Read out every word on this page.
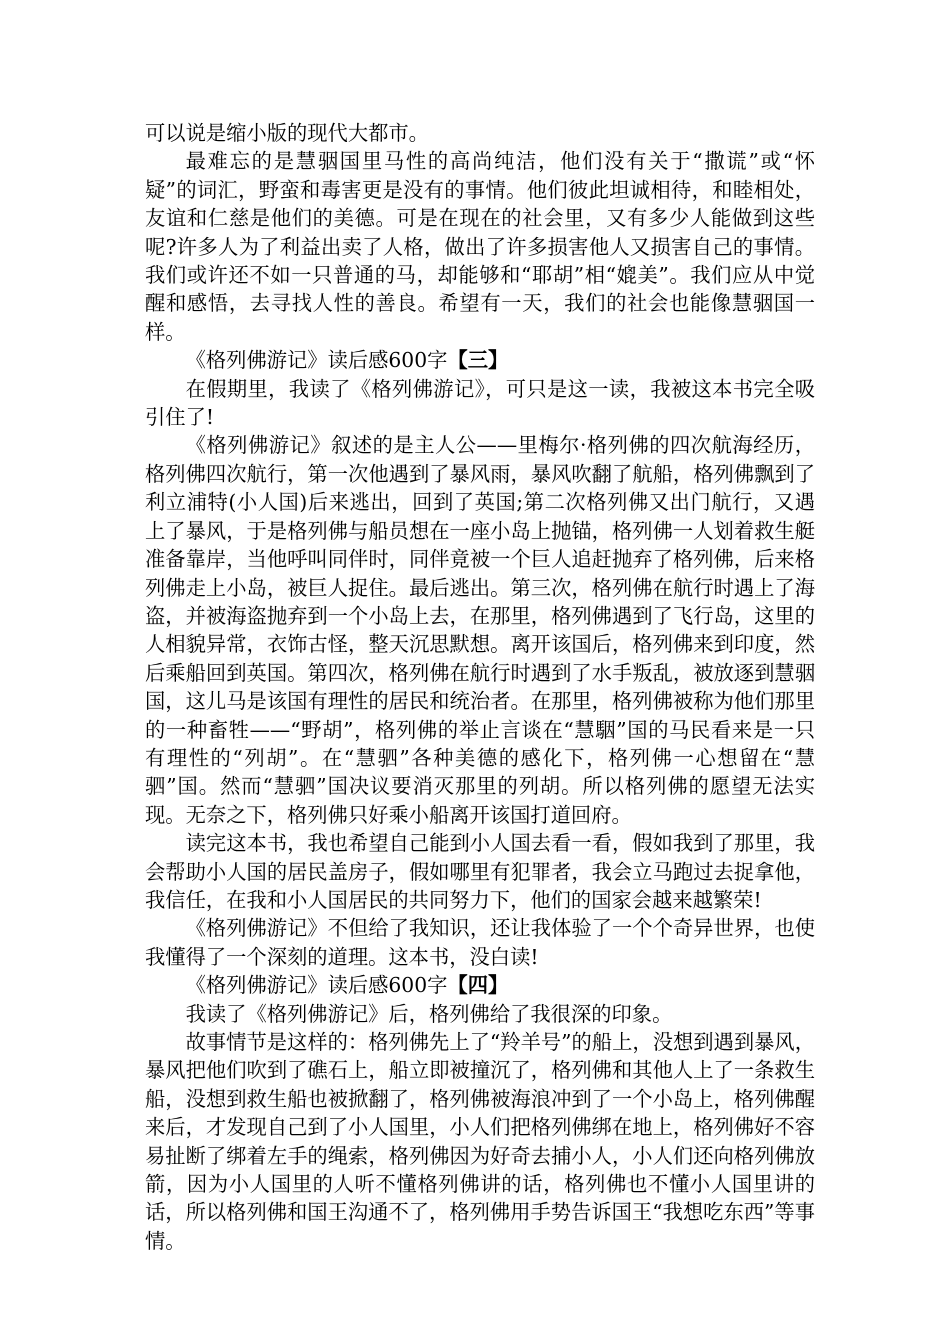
可以说是缩小版的现代大都市。

最难忘的是慧骃国里马性的高尚纯洁，他们没有关于“撒谎”或“怀疑”的词汇，野蛮和毒害更是没有的事情。他们彼此坦诚相待，和睦相处，友谊和仁慈是他们的美德。可是在现在的社会里，又有多少人能做到这些呢?许多人为了利益出卖了人格，做出了许多损害他人又损害自己的事情。我们或许还不如一只普通的马，却能够和“耶胡”相“媲美”。我们应从中觉醒和感悟，去寻找人性的善良。希望有一天，我们的社会也能像慧骃国一样。

《格列佛游记》读后感600字【三】

在假期里，我读了《格列佛游记》，可只是这一读，我被这本书完全吸引住了!

《格列佛游记》叙述的是主人公——里梅尔·格列佛的四次航海经历，格列佛四次航行，第一次他遇到了暴风雨，暴风吹翻了航船，格列佛飘到了利立浦特(小人国)后来逃出，回到了英国;第二次格列佛又出门航行，又遇上了暴风，于是格列佛与船员想在一座小岛上抛锚，格列佛一人划着救生艇准备靠岸，当他呼叫同伴时，同伴竟被一个巨人追赶抛弃了格列佛，后来格列佛走上小岛，被巨人捉住。最后逃出。第三次，格列佛在航行时遇上了海盗，并被海盗抛弃到一个小岛上去，在那里，格列佛遇到了飞行岛，这里的人相貌异常，衣饰古怪，整天沉思默想。离开该国后，格列佛来到印度，然后乘船回到英国。第四次，格列佛在航行时遇到了水手叛乱，被放逐到慧骃国，这儿马是该国有理性的居民和统治者。在那里，格列佛被称为他们那里的一种畜牲——“野胡”，格列佛的举止言谈在“慧駰”国的马民看来是一只有理性的“列胡”。在“慧驷”各种美德的感化下，格列佛一心想留在“慧驷”国。然而“慧驷”国决议要消灭那里的列胡。所以格列佛的愿望无法实现。无奈之下，格列佛只好乘小船离开该国打道回府。

读完这本书，我也希望自己能到小人国去看一看，假如我到了那里，我会帮助小人国的居民盖房子，假如哪里有犯罪者，我会立马跑过去捉拿他，我信任，在我和小人国居民的共同努力下，他们的国家会越来越繁荣!

《格列佛游记》不但给了我知识，还让我体验了一个个奇异世界，也使我懂得了一个深刻的道理。这本书，没白读!

《格列佛游记》读后感600字【四】

我读了《格列佛游记》后，格列佛给了我很深的印象。

故事情节是这样的：格列佛先上了“羚羊号”的船上，没想到遇到暴风，暴风把他们吹到了礁石上，船立即被撞沉了，格列佛和其他人上了一条救生船，没想到救生船也被掀翻了，格列佛被海浪冲到了一个小岛上，格列佛醒来后，才发现自己到了小人国里，小人们把格列佛绑在地上，格列佛好不容易扯断了绑着左手的绳索，格列佛因为好奇去捕小人，小人们还向格列佛放箭，因为小人国里的人听不懂格列佛讲的话，格列佛也不懂小人国里讲的话，所以格列佛和国王沟通不了，格列佛用手势告诉国王“我想吃东西”等事情。
